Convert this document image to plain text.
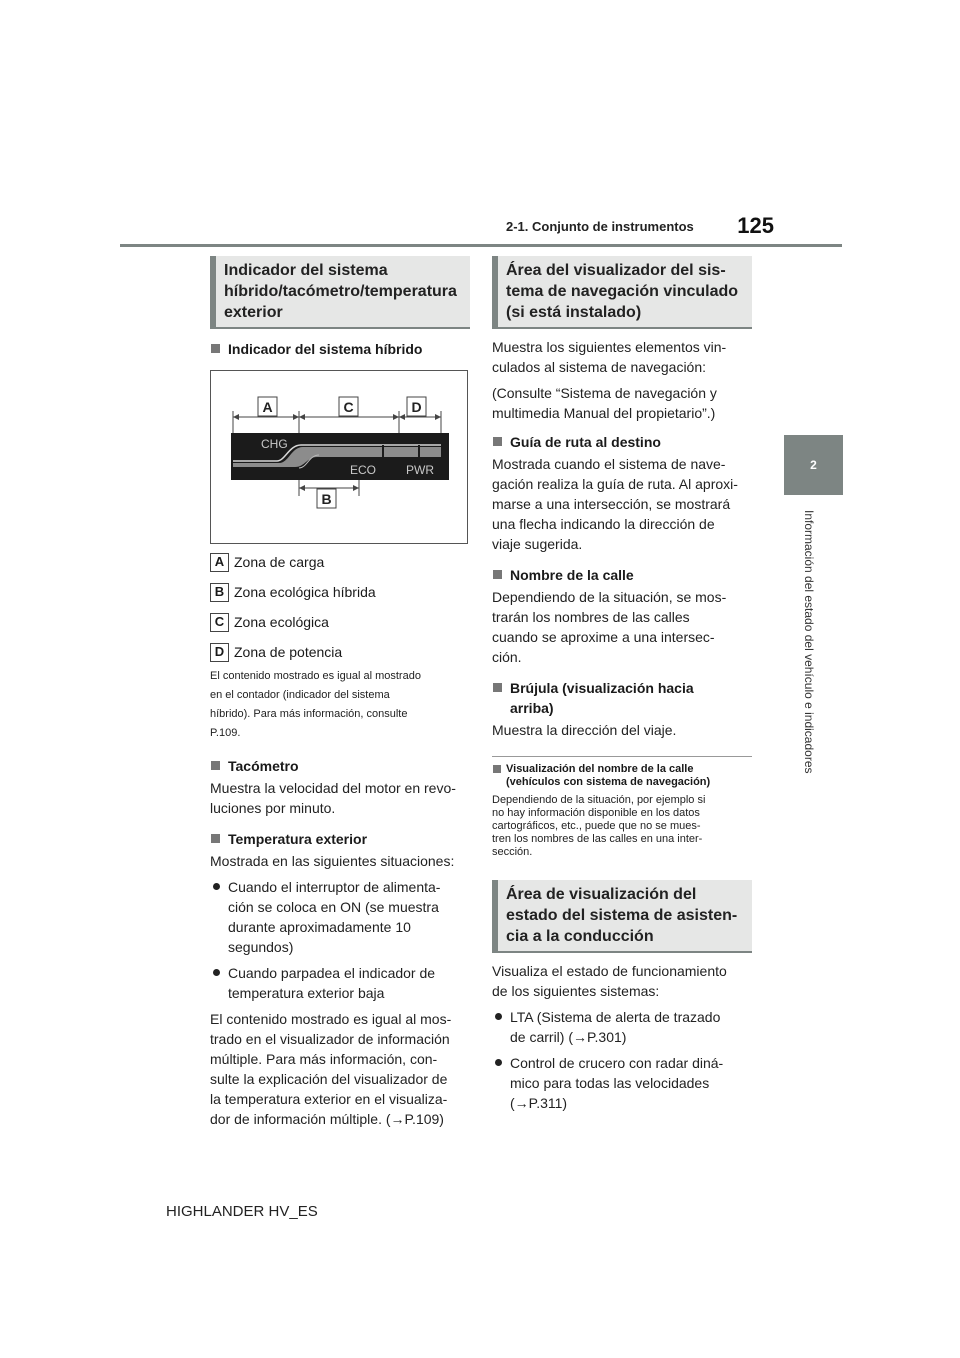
2-1. Conjunto de instrumentos 125
2
Información del estado del vehículo e indicadores
Indicador del sistema híbrido/tacómetro/temperatura exterior
Indicador del sistema híbrido
A	C	D
B
CHG
ECO PWR
A Zona de carga
B Zona ecológica híbrida
C Zona ecológica
D Zona de potencia
El contenido mostrado es igual al mostrado
en el contador (indicador del sistema
híbrido). Para más información, consulte
P.109.
Tacómetro
Muestra la velocidad del motor en revo-
luciones por minuto.
Temperatura exterior
Mostrada en las siguientes situaciones:
Cuando el interruptor de alimenta-
ción se coloca en ON (se muestra
durante aproximadamente 10
segundos)
Cuando parpadea el indicador de
temperatura exterior baja
El contenido mostrado es igual al mos-
trado en el visualizador de información
múltiple. Para más información, con-
sulte la explicación del visualizador de
la temperatura exterior en el visualiza-
dor de información múltiple. (→P.109)
Área del visualizador del sis-
tema de navegación vinculado
(si está instalado)
Muestra los siguientes elementos vin-
culados al sistema de navegación:
(Consulte “Sistema de navegación y
multimedia Manual del propietario”.)
Guía de ruta al destino
Mostrada cuando el sistema de nave-
gación realiza la guía de ruta. Al aproxi-
marse a una intersección, se mostrará
una flecha indicando la dirección de
viaje sugerida.
Nombre de la calle
Dependiendo de la situación, se mos-
trarán los nombres de las calles
cuando se aproxime a una intersec-
ción.
Brújula (visualización hacia
arriba)
Muestra la dirección del viaje.
Visualización del nombre de la calle
(vehículos con sistema de navegación)
Dependiendo de la situación, por ejemplo si
no hay información disponible en los datos
cartográficos, etc., puede que no se mues-
tren los nombres de las calles en una inter-
sección.
Área de visualización del
estado del sistema de asisten-
cia a la conducción
Visualiza el estado de funcionamiento
de los siguientes sistemas:
LTA (Sistema de alerta de trazado
de carril) (→P.301)
Control de crucero con radar diná-
mico para todas las velocidades
(→P.311)
HIGHLANDER HV_ES
